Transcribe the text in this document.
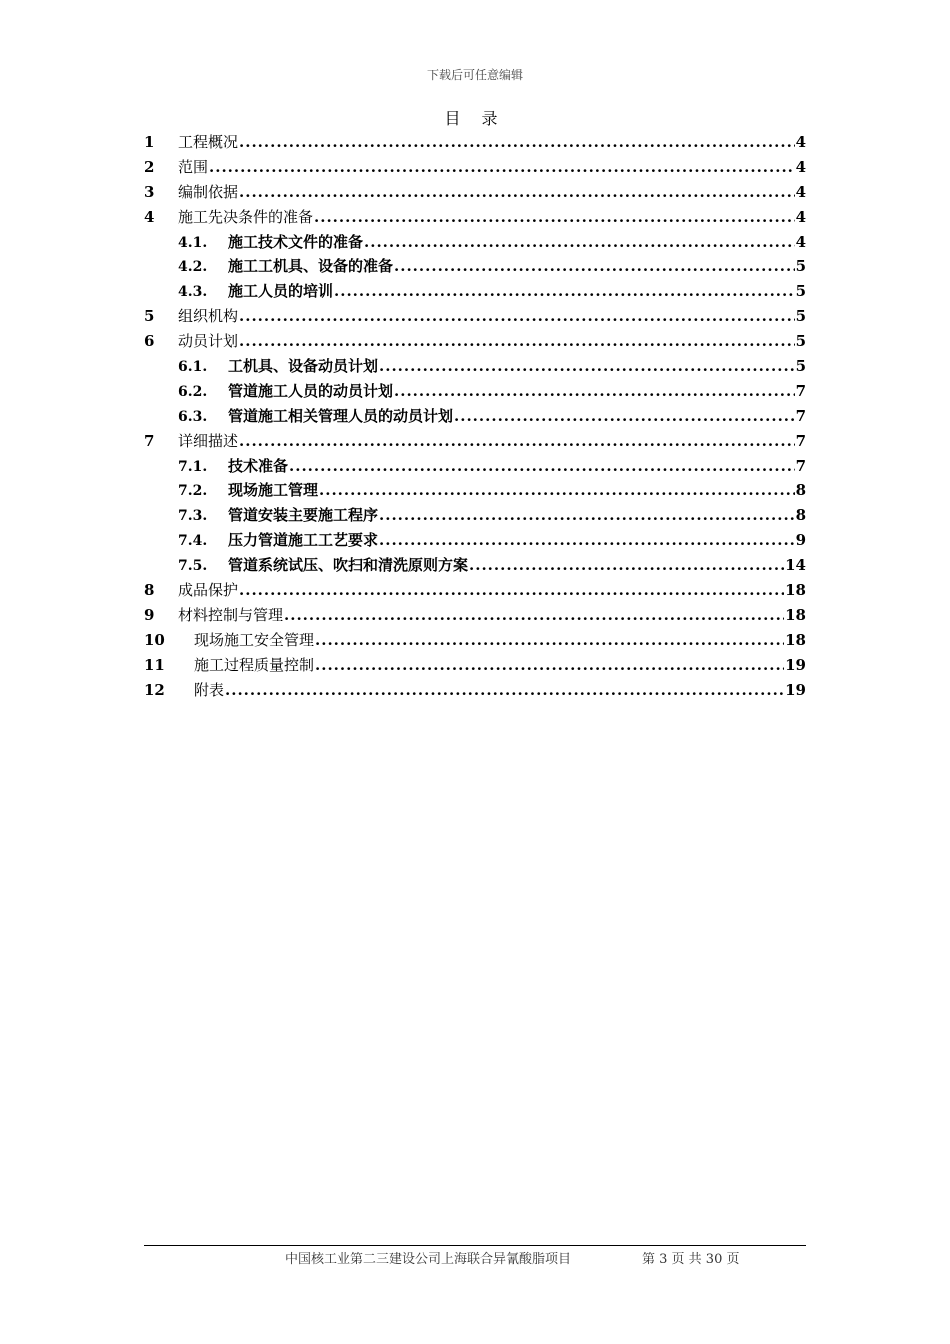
下载后可任意编辑
目 录
1	工程概况 .....	4
2	范围 .....	4
3	编制依据 .....	4
4	施工先决条件的准备 .....	4
4.1.	施工技术文件的准备 .....	4
4.2.	施工工机具、设备的准备 .....	5
4.3.	施工人员的培训 .....	5
5	组织机构 .....	5
6	动员计划 .....	5
6.1.	工机具、设备动员计划 .....	5
6.2.	管道施工人员的动员计划 .....	7
6.3.	管道施工相关管理人员的动员计划 .....	7
7	详细描述 .....	7
7.1.	技术准备 .....	7
7.2.	现场施工管理 .....	8
7.3.	管道安装主要施工程序 .....	8
7.4.	压力管道施工工艺要求 .....	9
7.5.	管道系统试压、吹扫和清洗原则方案 .....	14
8	成品保护 .....	18
9	材料控制与管理 .....	18
10	现场施工安全管理 .....	18
11	施工过程质量控制 .....	19
12	附表 .....	19
中国核工业第二三建设公司上海联合异氰酸脂项目	第 3 页 共 30 页
